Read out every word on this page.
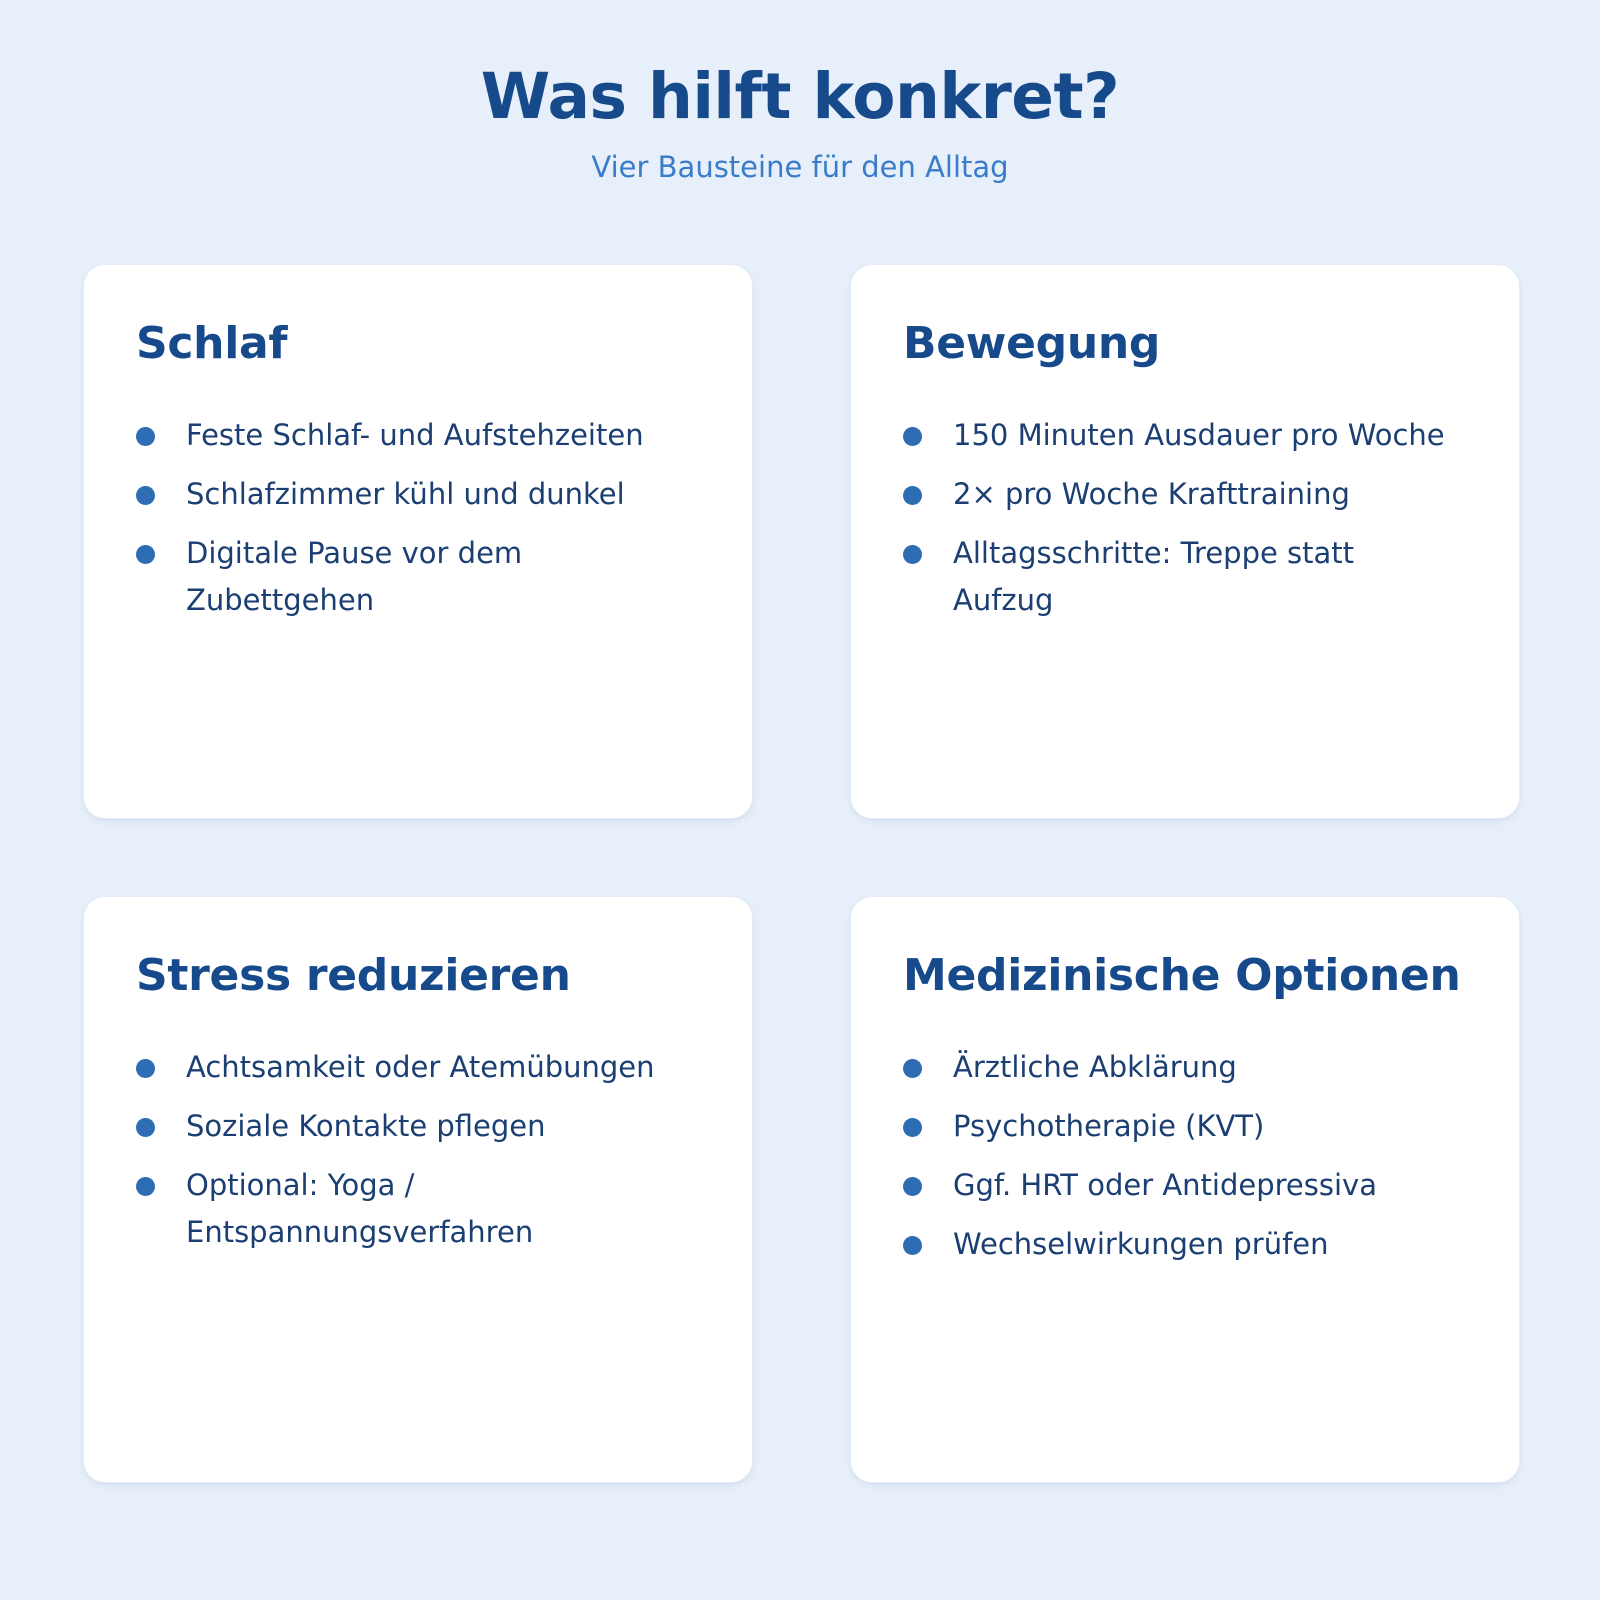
Was hilft konkret?

Vier Bausteine für den Alltag

Schlaf
Feste Schlaf- und Aufstehzeiten
Schlafzimmer kühl und dunkel
Digitale Pause vor dem Zubettgehen
Bewegung
150 Minuten Ausdauer pro Woche
2× pro Woche Krafttraining
Alltagsschritte: Treppe statt Aufzug
Stress reduzieren
Achtsamkeit oder Atemübungen
Soziale Kontakte pflegen
Optional: Yoga / Entspannungsverfahren
Medizinische Optionen
Ärztliche Abklärung
Psychotherapie (KVT)
Ggf. HRT oder Antidepressiva
Wechselwirkungen prüfen
